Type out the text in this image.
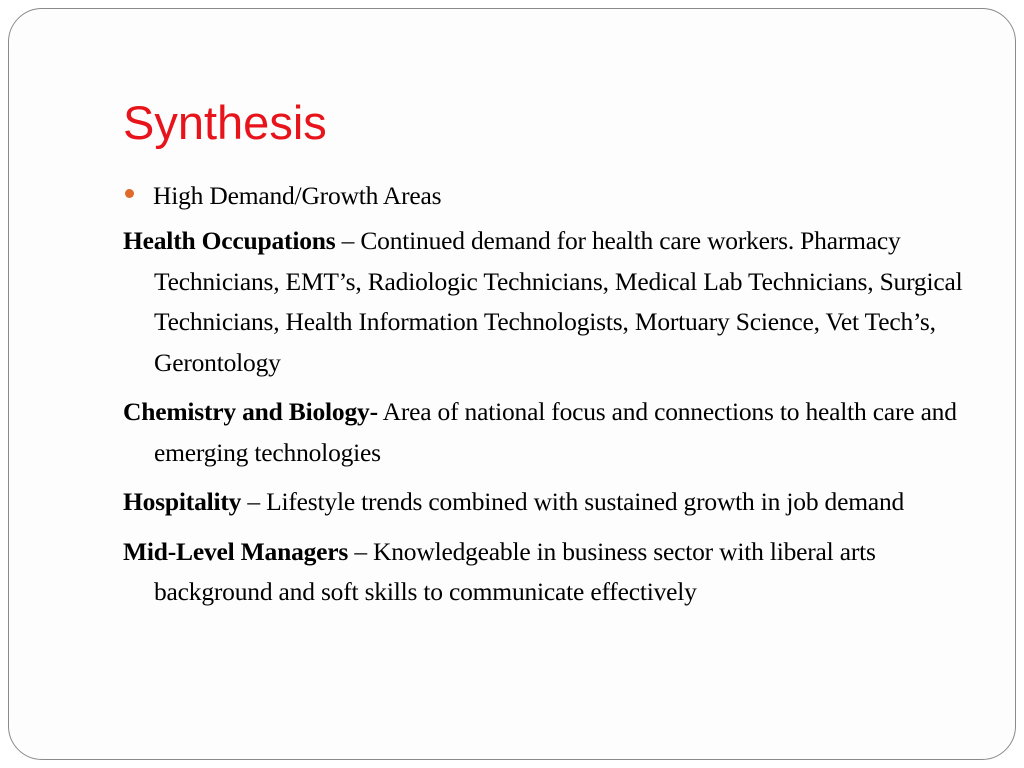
Synthesis
High Demand/Growth Areas
Health Occupations – Continued demand for health care workers. Pharmacy Technicians, EMT’s, Radiologic Technicians, Medical Lab Technicians, Surgical Technicians, Health Information Technologists, Mortuary Science, Vet Tech’s, Gerontology
Chemistry and Biology- Area of national focus and connections to health care and emerging technologies
Hospitality – Lifestyle trends combined with sustained growth in job demand
Mid-Level Managers – Knowledgeable in business sector with liberal arts background and soft skills to communicate effectively
